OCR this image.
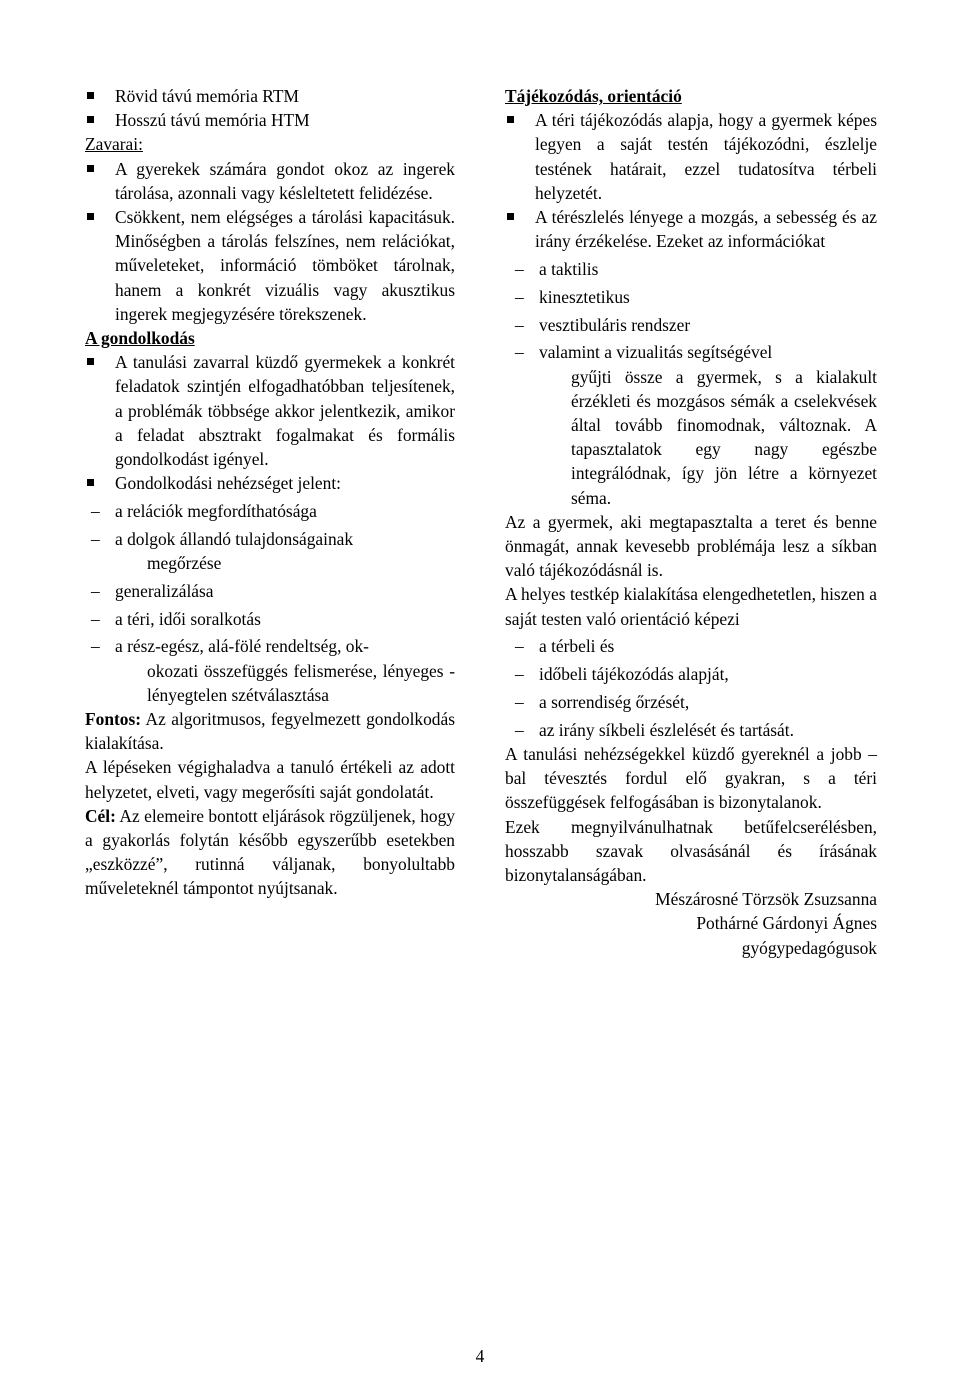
Rövid távú memória RTM

Hosszú távú memória HTM

Zavarai:

A gyerekek számára gondot okoz az ingerek tárolása, azonnali vagy késleltetett felidézése.

Csökkent, nem elégséges a tárolási kapacitásuk. Minőségben a tárolás felszínes, nem relációkat, műveleteket, információ tömböket tárolnak, hanem a konkrét vizuális vagy akusztikus ingerek megjegyzésére törekszenek.

A gondolkodás

A tanulási zavarral küzdő gyermekek a konkrét feladatok szintjén elfogadhatóbban teljesítenek, a problémák többsége akkor jelentkezik, amikor a feladat absztrakt fogalmakat és formális gondolkodást igényel.

Gondolkodási nehézséget jelent:

– a relációk megfordíthatósága

– a dolgok állandó tulajdonságainak
megőrzése

– generalizálása

– a téri, idői soralkotás

– a rész-egész, alá-fölé rendeltség, ok-
okozati összefüggés felismerése, lényeges - lényegtelen szétválasztása

Fontos: Az algoritmusos, fegyelmezett gondolkodás kialakítása.

A lépéseken végighaladva a tanuló értékeli az adott helyzetet, elveti, vagy megerősíti saját gondolatát.

Cél: Az elemeire bontott eljárások rögzüljenek, hogy a gyakorlás folytán később egyszerűbb esetekben „eszközzé”, rutinná váljanak, bonyolultabb műveleteknél támpontot nyújtsanak.

Tájékozódás, orientáció

A téri tájékozódás alapja, hogy a gyermek képes legyen a saját testén tájékozódni, észlelje testének határait, ezzel tudatosítva térbeli helyzetét.

A térészlelés lényege a mozgás, a sebesség és az irány érzékelése. Ezeket az információkat

– a taktilis

– kinesztetikus

– vesztibuláris rendszer

– valamint a vizualitás segítségével
gyűjti össze a gyermek, s a kialakult érzékleti és mozgásos sémák a cselekvések által tovább finomodnak, változnak. A tapasztalatok egy nagy egészbe integrálódnak, így jön létre a környezet séma.

Az a gyermek, aki megtapasztalta a teret és benne önmagát, annak kevesebb problémája lesz a síkban való tájékozódásnál is.

A helyes testkép kialakítása elengedhetetlen, hiszen a saját testen való orientáció képezi

– a térbeli és

– időbeli tájékozódás alapját,

– a sorrendiség őrzését,

– az irány síkbeli észlelését és tartását.

A tanulási nehézségekkel küzdő gyereknél a jobb – bal tévesztés fordul elő gyakran, s a téri összefüggések felfogásában is bizonytalanok.

Ezek megnyilvánulhatnak betűfelcserélésben, hosszabb szavak olvasásánál és írásának bizonytalanságában.

Mészárosné Törzsök Zsuzsanna

Pothárné Gárdonyi Ágnes

gyógypedagógusok

4
